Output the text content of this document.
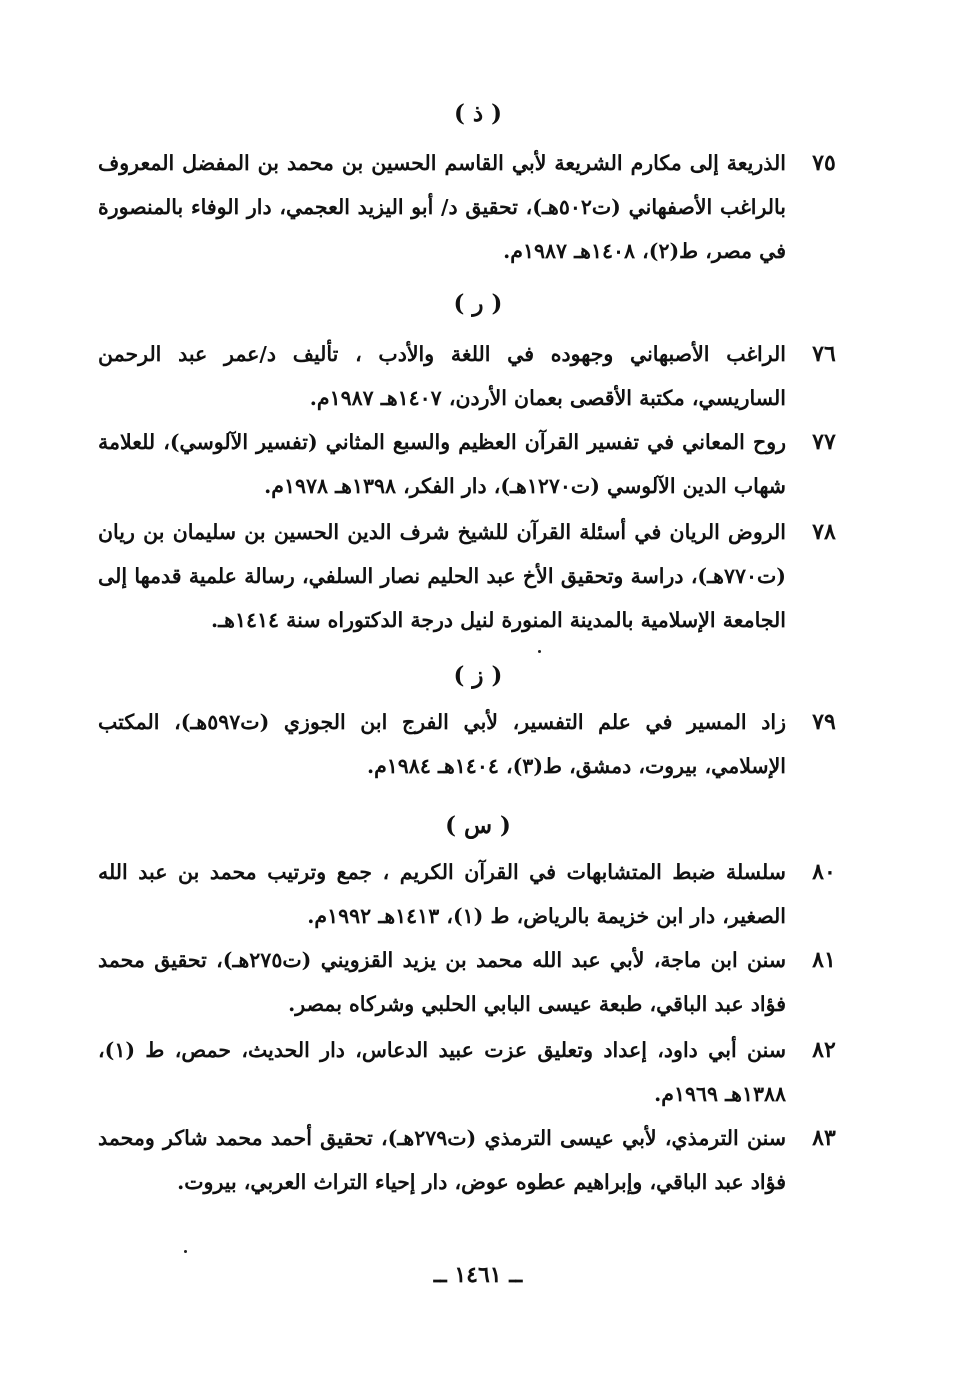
( ذ )
٧٥
الذريعة إلى مكارم الشريعة لأبي القاسم الحسين بن محمد بن المفضل المعروف بالراغب الأصفهاني (ت٥٠٢هـ)، تحقيق د/ أبو اليزيد العجمي، دار الوفاء بالمنصورة في مصر، ط(٢)، ١٤٠٨هـ ١٩٨٧م.
( ر )
٧٦
الراغب الأصبهاني وجهوده في اللغة والأدب ، تأليف د/عمر عبد الرحمن الساريسي، مكتبة الأقصى بعمان الأردن، ١٤٠٧هـ ١٩٨٧م.
٧٧
روح المعاني في تفسير القرآن العظيم والسبع المثاني (تفسير الآلوسي)، للعلامة شهاب الدين الآلوسي (ت١٢٧٠هـ)، دار الفكر، ١٣٩٨هـ ١٩٧٨م.
٧٨
الروض الريان في أسئلة القرآن للشيخ شرف الدين الحسين بن سليمان بن ريان (ت٧٧٠هـ)، دراسة وتحقيق الأخ عبد الحليم نصار السلفي، رسالة علمية قدمها إلى الجامعة الإسلامية بالمدينة المنورة لنيل درجة الدكتوراه سنة ١٤١٤هـ.
( ز )
٧٩
زاد المسير في علم التفسير، لأبي الفرج ابن الجوزي (ت٥٩٧هـ)، المكتب الإسلامي، بيروت، دمشق، ط(٣)، ١٤٠٤هـ ١٩٨٤م.
( س )
٨٠
سلسلة ضبط المتشابهات في القرآن الكريم ، جمع وترتيب محمد بن عبد الله الصغير، دار ابن خزيمة بالرياض، ط (١)، ١٤١٣هـ ١٩٩٢م.
٨١
سنن ابن ماجة، لأبي عبد الله محمد بن يزيد القزويني (ت٢٧٥هـ)، تحقيق محمد فؤاد عبد الباقي، طبعة عيسى البابي الحلبي وشركاه بمصر.
٨٢
سنن أبي داود، إعداد وتعليق عزت عبيد الدعاس، دار الحديث، حمص، ط (١)، ١٣٨٨هـ ١٩٦٩م.
٨٣
سنن الترمذي، لأبي عيسى الترمذي (ت٢٧٩هـ)، تحقيق أحمد محمد شاكر ومحمد فؤاد عبد الباقي، وإبراهيم عطوه عوض، دار إحياء التراث العربي، بيروت.
ــ ١٤٦١ ــ
